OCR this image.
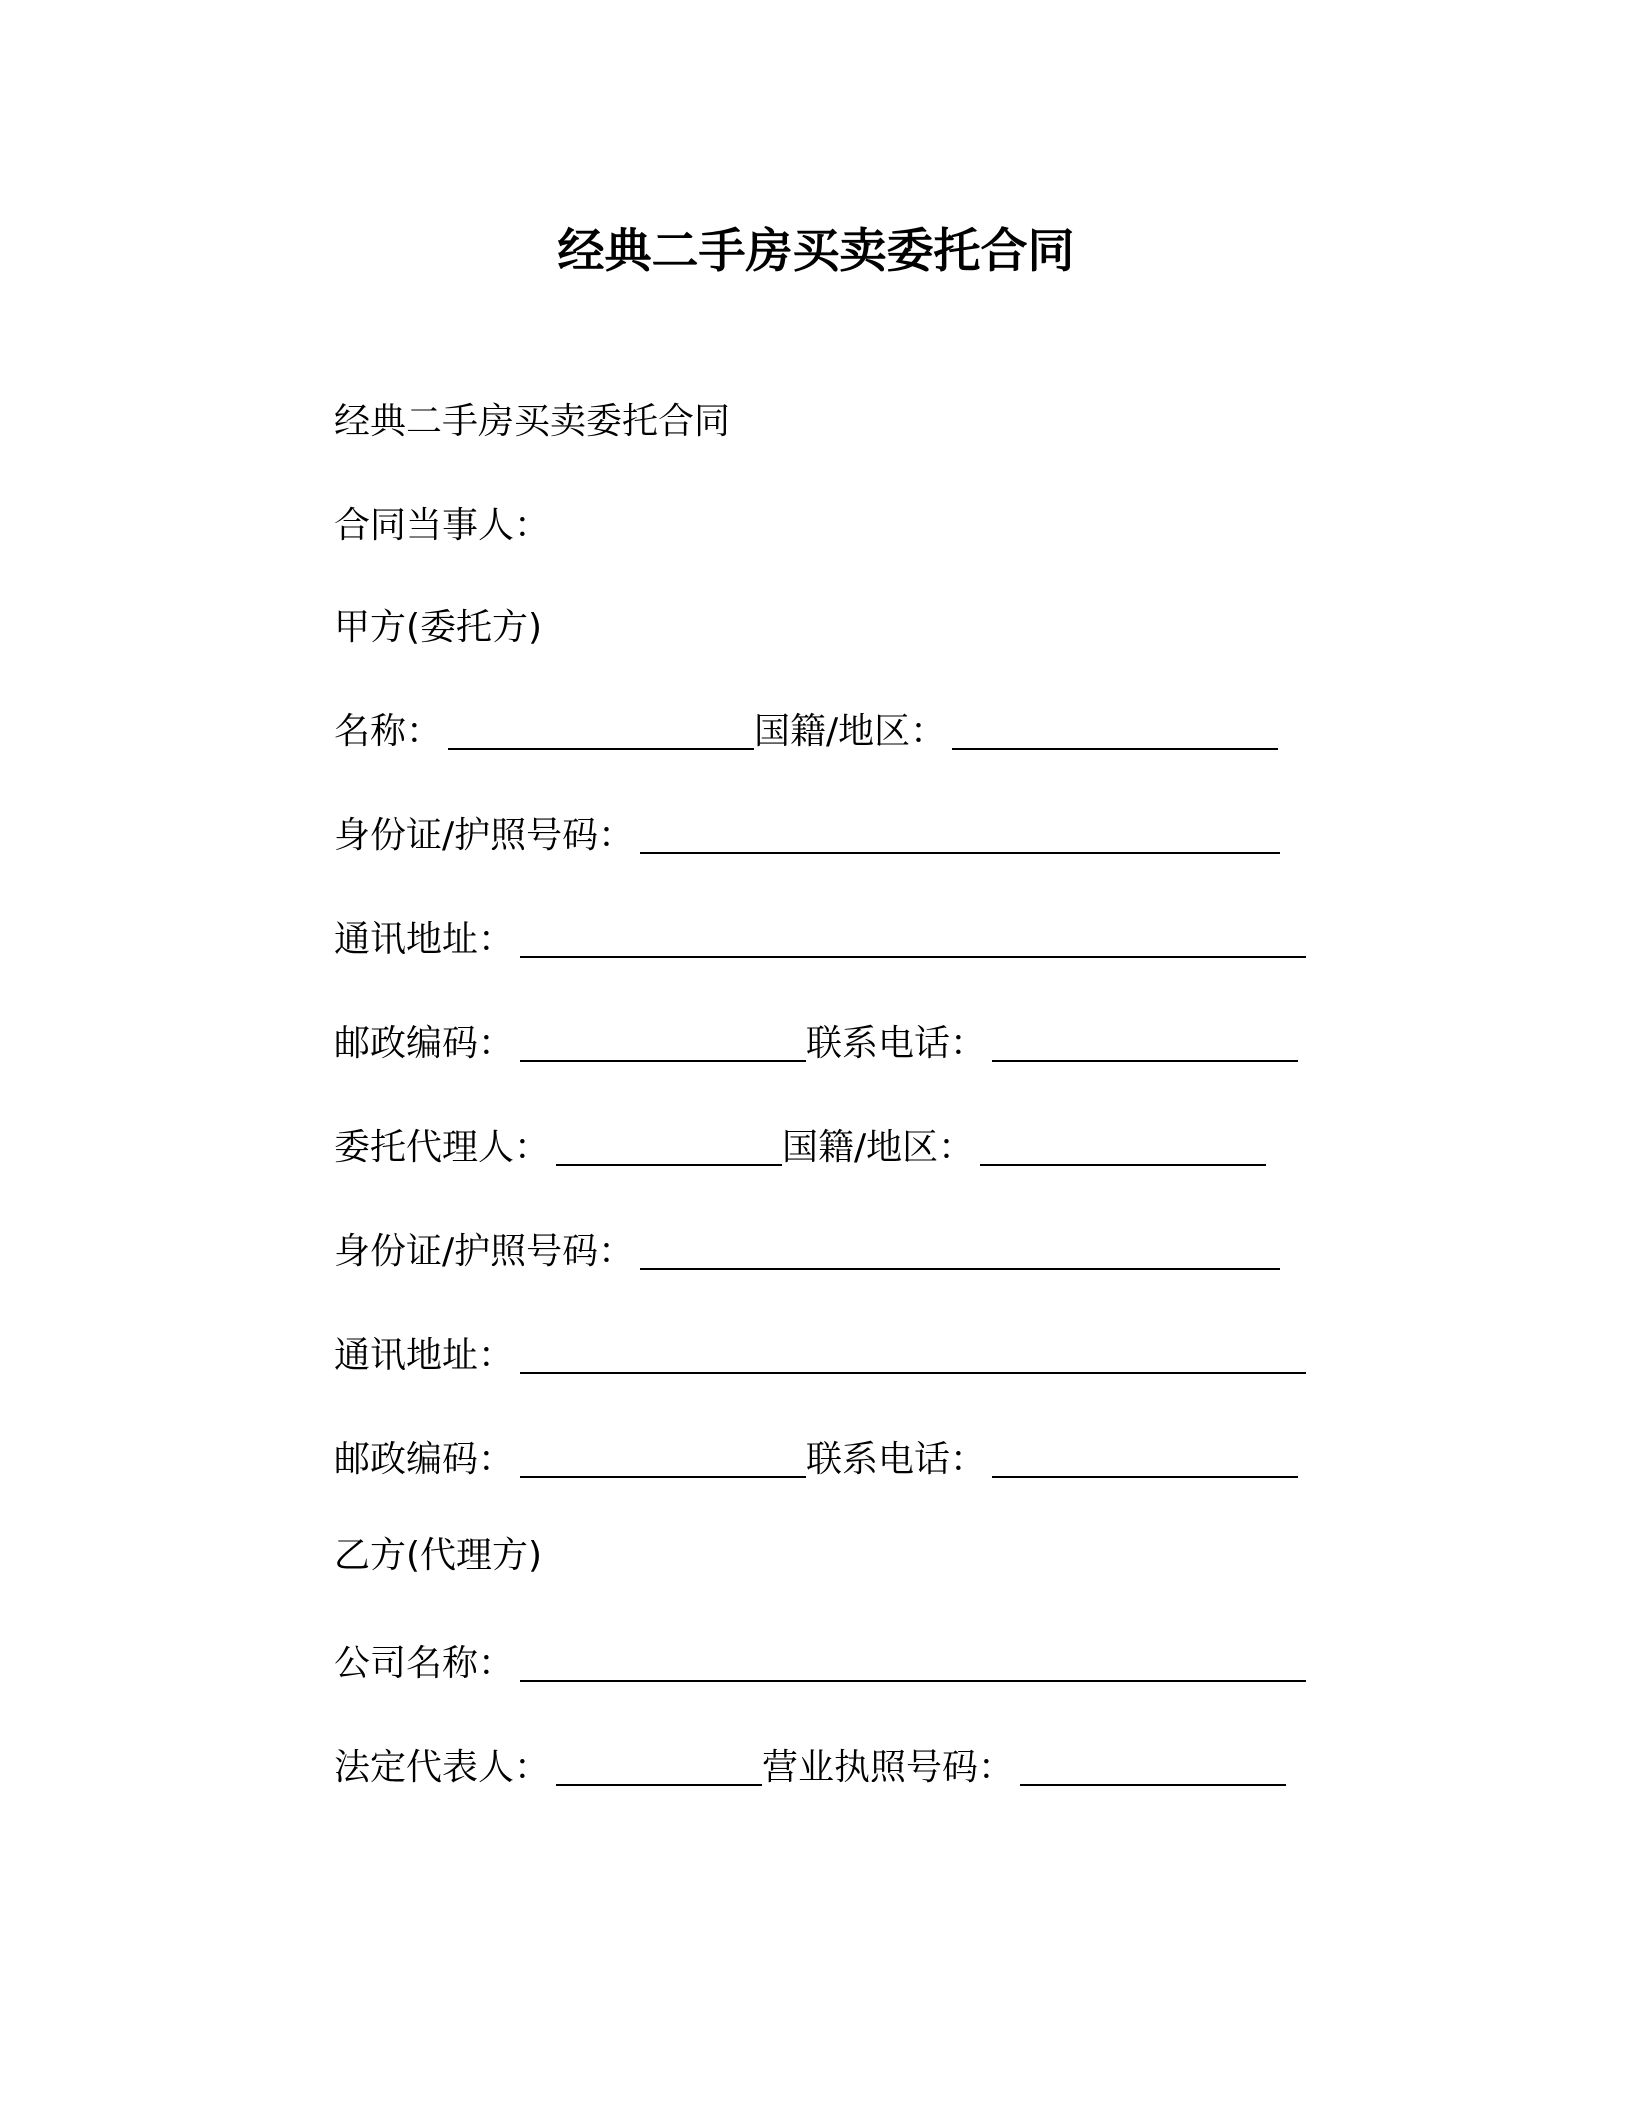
经典二手房买卖委托合同
经典二手房买卖委托合同
合同当事人：
甲方(委托方)
名称：	国籍/地区：
身份证/护照号码：
通讯地址：
邮政编码：	联系电话：
委托代理人：	国籍/地区：
身份证/护照号码：
通讯地址：
邮政编码：	联系电话：
乙方(代理方)
公司名称：
法定代表人：	营业执照号码：
